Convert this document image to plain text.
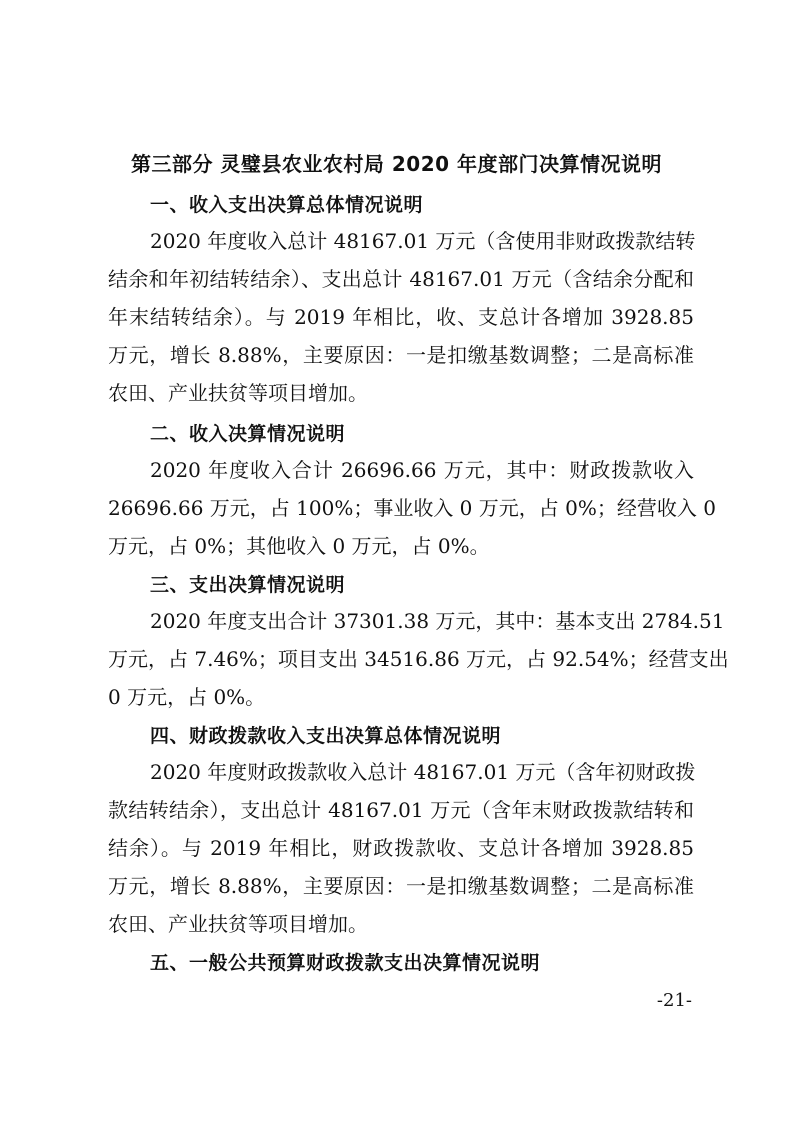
第三部分 灵璧县农业农村局 2020 年度部门决算情况说明
一、收入支出决算总体情况说明
2020 年度收入总计 48167.01 万元（含使用非财政拨款结转
结余和年初结转结余）、支出总计 48167.01 万元（含结余分配和
年末结转结余）。与 2019 年相比，收、支总计各增加 3928.85
万元，增长 8.88%，主要原因：一是扣缴基数调整；二是高标准
农田、产业扶贫等项目增加。
二、收入决算情况说明
2020 年度收入合计 26696.66 万元，其中：财政拨款收入
26696.66 万元，占 100%；事业收入 0 万元，占 0%；经营收入 0
万元，占 0%；其他收入 0 万元，占 0%。
三、支出决算情况说明
2020 年度支出合计 37301.38 万元，其中：基本支出 2784.51
万元，占 7.46%；项目支出 34516.86 万元，占 92.54%；经营支出
0 万元，占 0%。
四、财政拨款收入支出决算总体情况说明
2020 年度财政拨款收入总计 48167.01 万元（含年初财政拨
款结转结余），支出总计 48167.01 万元（含年末财政拨款结转和
结余）。与 2019 年相比，财政拨款收、支总计各增加 3928.85
万元，增长 8.88%，主要原因：一是扣缴基数调整；二是高标准
农田、产业扶贫等项目增加。
五、一般公共预算财政拨款支出决算情况说明
-21-
